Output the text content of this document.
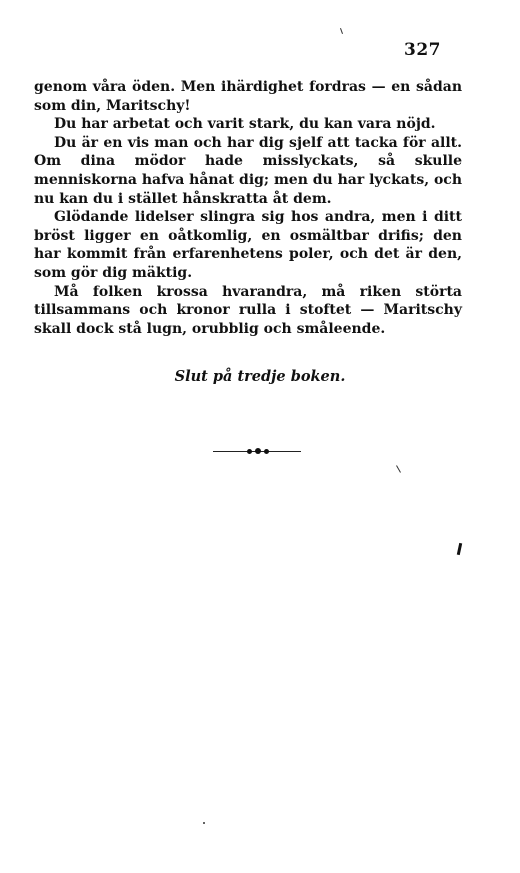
327

genom våra öden. Men ihärdighet fordras — en sådan som din, Maritschy!

Du har arbetat och varit stark, du kan vara nöjd.

Du är en vis man och har dig sjelf att tacka för allt. Om dina mödor hade misslyckats, så skulle menniskorna hafva hånat dig; men du har lyckats, och nu kan du i stället hånskratta åt dem.

Glödande lidelser slingra sig hos andra, men i ditt bröst ligger en oåtkomlig, en osmältbar drifis; den har kommit från erfarenhetens poler, och det är den, som gör dig mäktig.

Må folken krossa hvarandra, må riken störta tillsammans och kronor rulla i stoftet — Maritschy skall dock stå lugn, orubblig och småleende.

Slut på tredje boken.
